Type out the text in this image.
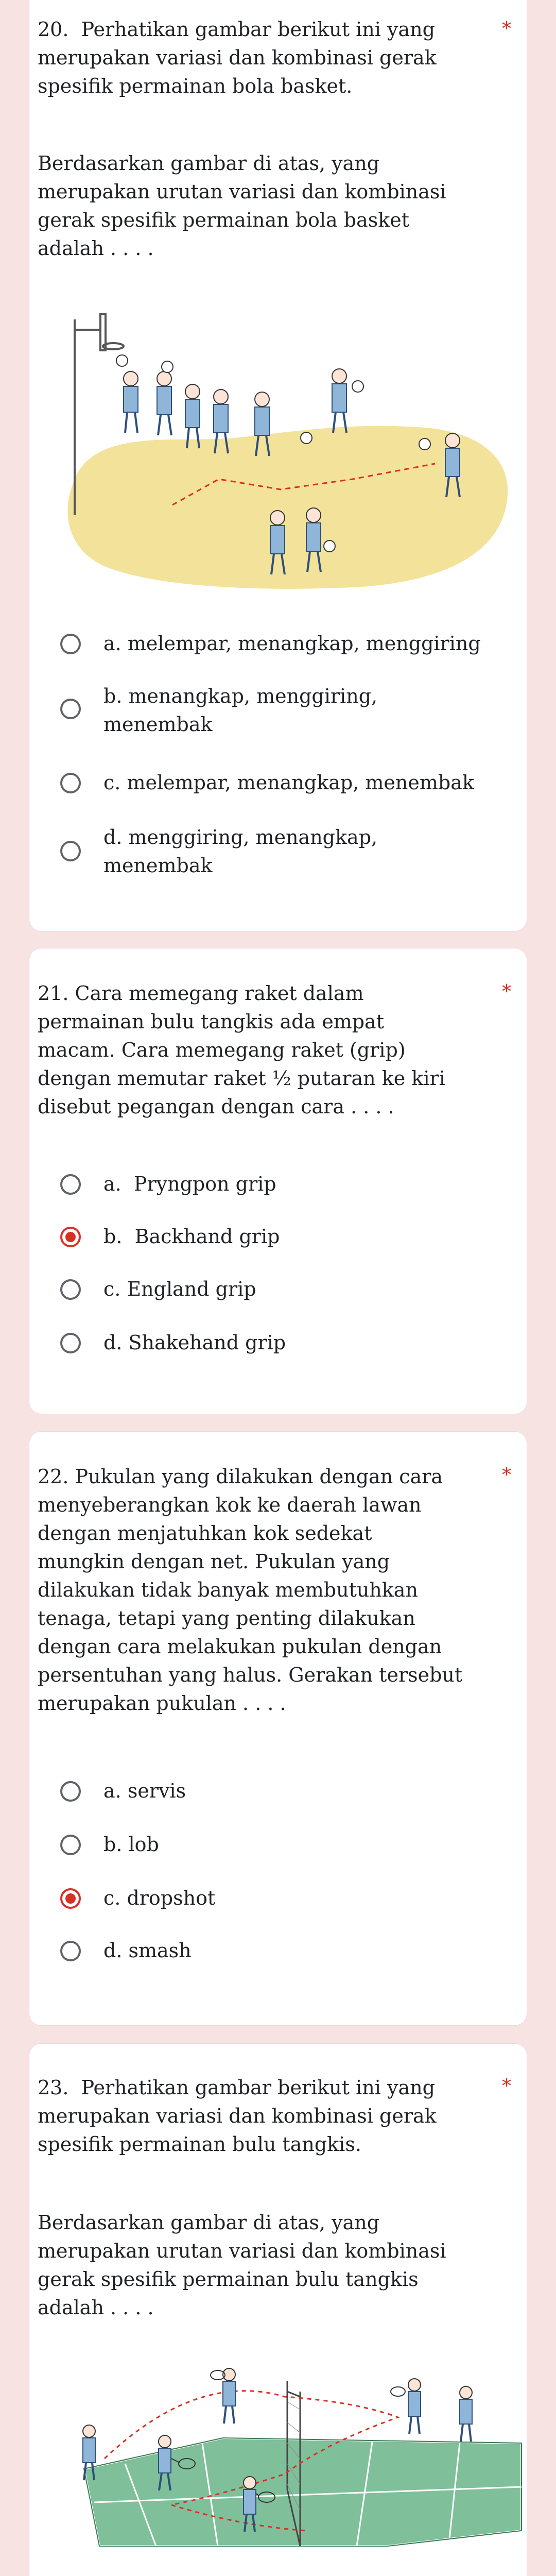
20.  Perhatikan gambar berikut ini yang
merupakan variasi dan kombinasi gerak
spesifik permainan bola basket.

*

Berdasarkan gambar di atas, yang
merupakan urutan variasi dan kombinasi
gerak spesifik permainan bola basket
adalah . . . .

a. melempar, menangkap, menggiring
b. menangkap, menggiring,
menembak
c. melempar, menangkap, menembak
d. menggiring, menangkap,
menembak

21. Cara memegang raket dalam
permainan bulu tangkis ada empat
macam. Cara memegang raket (grip)
dengan memutar raket ½ putaran ke kiri
disebut pegangan dengan cara . . . .

*
a.  Pryngpon grip
b.  Backhand grip
c. England grip
d. Shakehand grip

22. Pukulan yang dilakukan dengan cara
menyeberangkan kok ke daerah lawan
dengan menjatuhkan kok sedekat
mungkin dengan net. Pukulan yang
dilakukan tidak banyak membutuhkan
tenaga, tetapi yang penting dilakukan
dengan cara melakukan pukulan dengan
persentuhan yang halus. Gerakan tersebut
merupakan pukulan . . . .

*
a. servis
b. lob
c. dropshot
d. smash

23.  Perhatikan gambar berikut ini yang
merupakan variasi dan kombinasi gerak
spesifik permainan bulu tangkis.

*

Berdasarkan gambar di atas, yang
merupakan urutan variasi dan kombinasi
gerak spesifik permainan bulu tangkis
adalah . . . .
